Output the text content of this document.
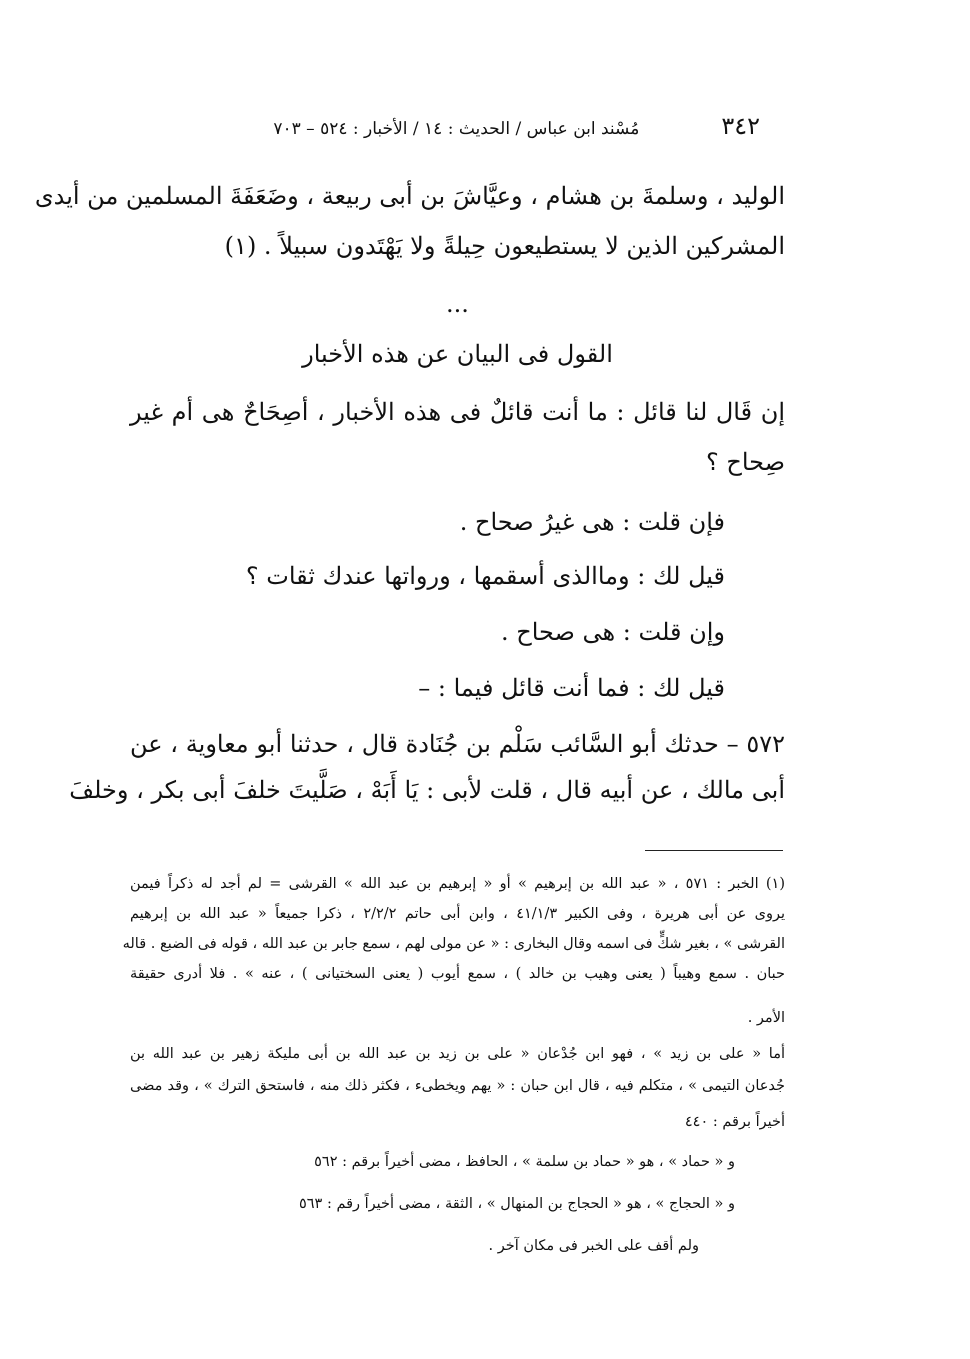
٣٤٢
مُسْند ابن عباس / الحديث : ١٤ / الأخبار : ٥٢٤ – ٧٠٣
الوليد ، وسلمةَ بن هشام ، وعيَّاشَ بن أبى ربيعة ، وضَعَفَةَ المسلمين من أيدى
المشركين الذين لا يستطيعون حِيلةً ولا يَهْتَدون سبيلاً . (١)
...
القول فى البيان عن هذه الأخبار
إن قَال لنا قائل : ما أنت قائلٌ فى هذه الأخبار ، أصِحَاحٌ هى أم غير
صِحاح ؟
فإن قلت : هى غيرُ صحاح .
قيل لك : وماالذى أسقمها ، ورواتها عندك ثقات ؟
وإن قلت : هى صحاح .
قيل لك : فما أنت قائل فيما : –
٥٧٢ – حدثك أبو السَّائب سَلْم بن جُنَادة قال ، حدثنا أبو معاوية ، عن
أبى مالك ، عن أبيه قال ، قلت لأبى : يَا أَبَهْ ، صَلَّيتَ خلفَ أبى بكر ، وخلفَ
(١) الخبر : ٥٧١ ، « عبد الله بن إبرهيم » أو « إبرهيم بن عبد الله » القرشى = لم أجد له ذكراً فيمن
يروى عن أبى هريرة ، وفى الكبير ٤١/١/٣ ، وابن أبى حاتم ٢/٢/٢ ، ذكرا جميعاً « عبد الله بن إبرهيم
القرشى » ، بغير شكٍّ فى اسمه وقال البخارى : « عن مولى لهم ، سمع جابر بن عبد الله ، قوله فى الضبع . قاله
حبان . سمع وهيباً ( يعنى وهيب بن خالد ) ، سمع أيوب ( يعنى السختيانى ) ، عنه » . فلا أدرى حقيقة
الأمر .
أما « على بن زيد » ، فهو ابن جُدْعان « على بن زيد بن عبد الله بن أبى مليكة زهير بن عبد الله بن
جُدعان التيمى » ، متكلم فيه ، قال ابن حبان : « يهم ويخطىء ، فكثر ذلك منه ، فاستحق الترك » ، وقد مضى
أخيراً برقم : ٤٤٠
و « حماد » ، هو « حماد بن سلمة » ، الحافظ ، مضى أخيراً برقم : ٥٦٢
و « الحجاج » ، هو « الحجاج بن المنهال » ، الثقة ، مضى أخيراً رقم : ٥٦٣
ولم أقف على الخبر فى مكان آخر .
